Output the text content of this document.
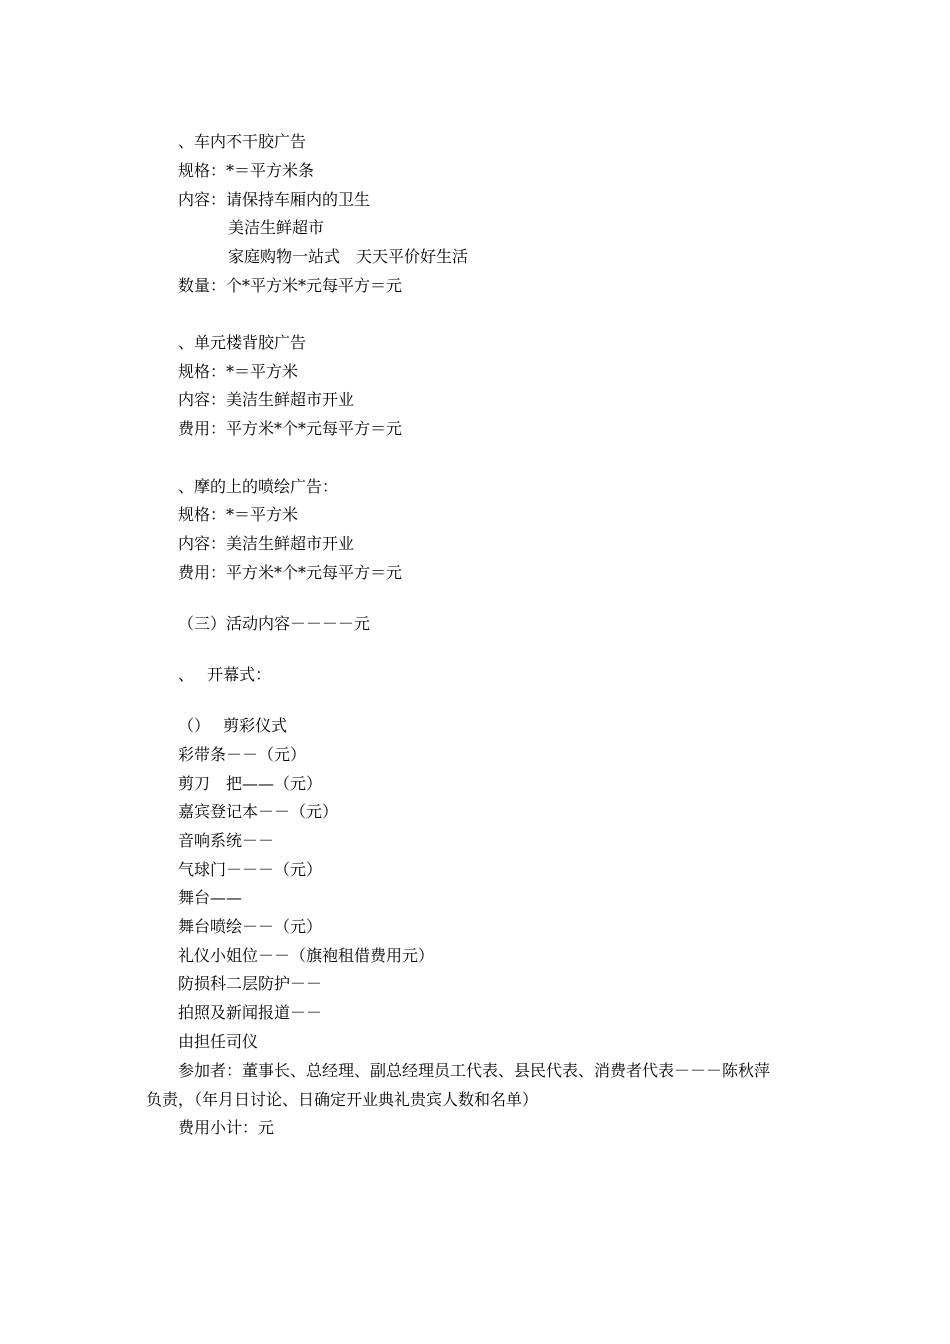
、车内不干胶广告
规格：*＝平方米条
内容：请保持车厢内的卫生
美洁生鲜超市
家庭购物一站式　天天平价好生活
数量：个*平方米*元每平方＝元
、单元楼背胶广告
规格：*＝平方米
内容：美洁生鲜超市开业
费用：平方米*个*元每平方＝元
、摩的上的喷绘广告：
规格：*＝平方米
内容：美洁生鲜超市开业
费用：平方米*个*元每平方＝元
（三）活动内容－－－－元
、　 开幕式：
（）　 剪彩仪式
彩带条－－（元）
剪刀　把——（元）
嘉宾登记本－－（元）
音响系统－－
气球门－－－（元）
舞台——
舞台喷绘－－（元）
礼仪小姐位－－（旗袍租借费用元）
防损科二层防护－－
拍照及新闻报道－－
由担任司仪
参加者：董事长、总经理、副总经理员工代表、县民代表、消费者代表－－－陈秋萍
负责，（年月日讨论、日确定开业典礼贵宾人数和名单）
费用小计：元
